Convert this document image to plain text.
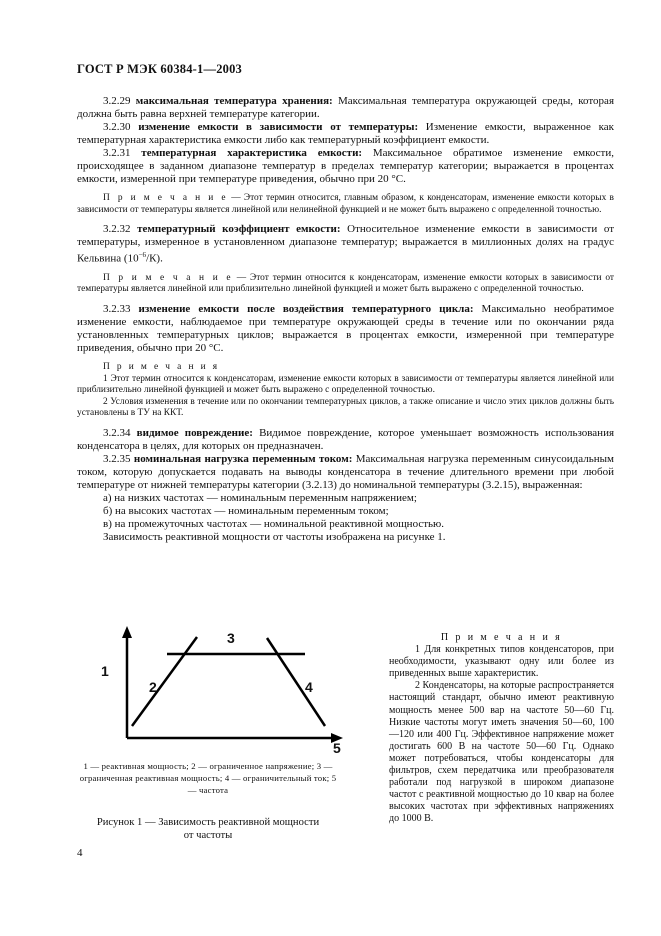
ГОСТ Р МЭК 60384-1—2003

3.2.29 максимальная температура хранения: Максимальная температура окружающей среды, которая должна быть равна верхней температуре категории.

3.2.30 изменение емкости в зависимости от температуры: Изменение емкости, выраженное как температурная характеристика емкости либо как температурный коэффициент емкости.

3.2.31 температурная характеристика емкости: Максимальное обратимое изменение емкости, происходящее в заданном диапазоне температур в пределах температур категории; выражается в процентах емкости, измеренной при температуре приведения, обычно при 20 °С.

П р и м е ч а н и е — Этот термин относится, главным образом, к конденсаторам, изменение емкости которых в зависимости от температуры является линейной или нелинейной функцией и не может быть выражено с определенной точностью.

3.2.32 температурный коэффициент емкости: Относительное изменение емкости в зависимости от температуры, измеренное в установленном диапазоне температур; выражается в миллионных долях на градус Кельвина $(10^{-6}/К)$.

П р и м е ч а н и е — Этот термин относится к конденсаторам, изменение емкости которых в зависимости от температуры является линейной или приблизительно линейной функцией и может быть выражено с определенной точностью.

3.2.33 изменение емкости после воздействия температурного цикла: Максимально необратимое изменение емкости, наблюдаемое при температуре окружающей среды в течение или по окончании ряда установленных температурных циклов; выражается в процентах емкости, измеренной при температуре приведения, обычно при 20 °С.

П р и м е ч а н и я

1 Этот термин относится к конденсаторам, изменение емкости которых в зависимости от температуры является линейной или приблизительно линейной функцией и может быть выражено с определенной точностью.

2 Условия изменения в течение или по окончании температурных циклов, а также описание и число этих циклов должны быть установлены в ТУ на ККТ.

3.2.34 видимое повреждение: Видимое повреждение, которое уменьшает возможность использования конденсатора в целях, для которых он предназначен.

3.2.35 номинальная нагрузка переменным током: Максимальная нагрузка переменным синусоидальным током, которую допускается подавать на выводы конденсатора в течение длительного времени при любой температуре от нижней температуры категории (3.2.13) до номинальной температуры (3.2.15), выраженная:

а) на низких частотах — номинальным переменным напряжением;

б) на высоких частотах — номинальным переменным током;

в) на промежуточных частотах — номинальной реактивной мощностью.

Зависимость реактивной мощности от частоты изображена на рисунке 1.

1
2
3
4
5
1 — реактивная мощность; 2 — ограниченное напряжение; 3 — ограниченная реактивная мощность; 4 — ограничительный ток; 5 — частота
Рисунок 1 — Зависимость реактивной мощности
от частоты

П р и м е ч а н и я

1 Для конкретных типов конденсаторов, при необходимости, указывают одну или более из приведенных выше характеристик.

2 Конденсаторы, на которые распространяется настоящий стандарт, обычно имеют реактивную мощность менее 500 вар на частоте 50—60 Гц. Низкие частоты могут иметь значения 50—60, 100—120 или 400 Гц. Эффективное напряжение может достигать 600 В на частоте 50—60 Гц. Однако может потребоваться, чтобы конденсаторы для фильтров, схем передатчика или преобразователя работали под нагрузкой в широком диапазоне частот с реактивной мощностью до 10 квар на более высоких частотах при эффективных напряжениях до 1000 В.

4
